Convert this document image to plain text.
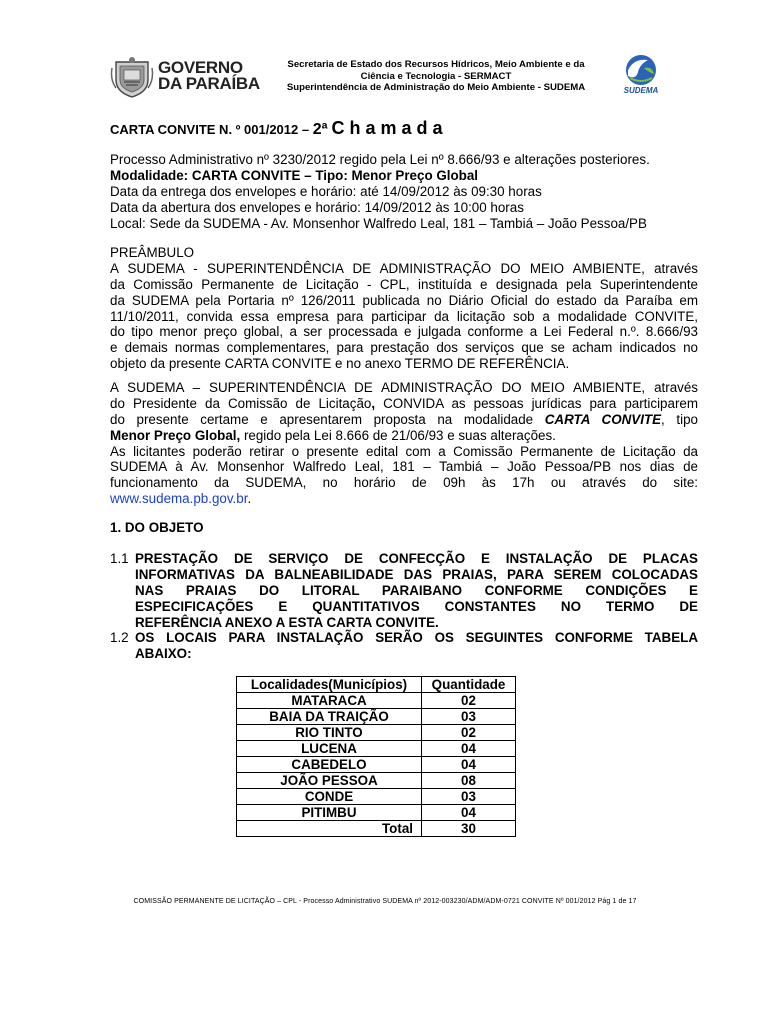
GOVERNO
DA PARAÍBA
Secretaria de Estado dos Recursos Hídricos, Meio Ambiente e da
Ciência e Tecnologia - SERMACT
Superintendência de Administração do Meio Ambiente - SUDEMA	SUDEMA
CARTA CONVITE N. º 001/2012 – 2ª Chamada
Processo Administrativo nº 3230/2012 regido pela Lei nº 8.666/93 e alterações posteriores.
Modalidade: CARTA CONVITE – Tipo: Menor Preço Global
Data da entrega dos envelopes e horário: até 14/09/2012 às 09:30 horas
Data da abertura dos envelopes e horário: 14/09/2012 às 10:00 horas
Local: Sede da SUDEMA - Av. Monsenhor Walfredo Leal, 181 – Tambiá – João Pessoa/PB
PREÂMBULO
A SUDEMA - SUPERINTENDÊNCIA DE ADMINISTRAÇÃO DO MEIO AMBIENTE, através
da Comissão Permanente de Licitação - CPL, instituída e designada pela Superintendente
da SUDEMA pela Portaria nº 126/2011 publicada no Diário Oficial do estado da Paraíba em
11/10/2011, convida essa empresa para participar da licitação sob a modalidade CONVITE,
do tipo menor preço global, a ser processada e julgada conforme a Lei Federal n.º. 8.666/93
e demais normas complementares, para prestação dos serviços que se acham indicados no
objeto da presente CARTA CONVITE e no anexo TERMO DE REFERÊNCIA.
A SUDEMA – SUPERINTENDÊNCIA DE ADMINISTRAÇÃO DO MEIO AMBIENTE, através
do Presidente da Comissão de Licitação, CONVIDA as pessoas jurídicas para participarem
do presente certame e apresentarem proposta na modalidade CARTA CONVITE, tipo
Menor Preço Global, regido pela Lei 8.666 de 21/06/93 e suas alterações.
As licitantes poderão retirar o presente edital com a Comissão Permanente de Licitação da
SUDEMA à Av. Monsenhor Walfredo Leal, 181 – Tambiá – João Pessoa/PB nos dias de
funcionamento da SUDEMA, no horário de 09h às 17h ou através do site:
www.sudema.pb.gov.br.
1. DO OBJETO
1.1 PRESTAÇÃO DE SERVIÇO DE CONFECÇÃO E INSTALAÇÃO DE PLACAS
INFORMATIVAS DA BALNEABILIDADE DAS PRAIAS, PARA SEREM COLOCADAS
NAS PRAIAS DO LITORAL PARAIBANO CONFORME CONDIÇÕES E
ESPECIFICAÇÕES E QUANTITATIVOS CONSTANTES NO TERMO DE
REFERÊNCIA ANEXO A ESTA CARTA CONVITE.
1.2 OS LOCAIS PARA INSTALAÇÃO SERÃO OS SEGUINTES CONFORME TABELA
ABAIXO:
Localidades(Municípios)	Quantidade
MATARACA	02
BAIA DA TRAIÇÃO	03
RIO TINTO	02
LUCENA	04
CABEDELO	04
JOÃO PESSOA	08
CONDE	03
PITIMBU	04
Total	30
COMISSÃO PERMANENTE DE LICITAÇÃO – CPL - Processo Administrativo SUDEMA nº 2012-003230/ADM/ADM-0721 CONVITE Nº 001/2012 Pág 1 de 17
